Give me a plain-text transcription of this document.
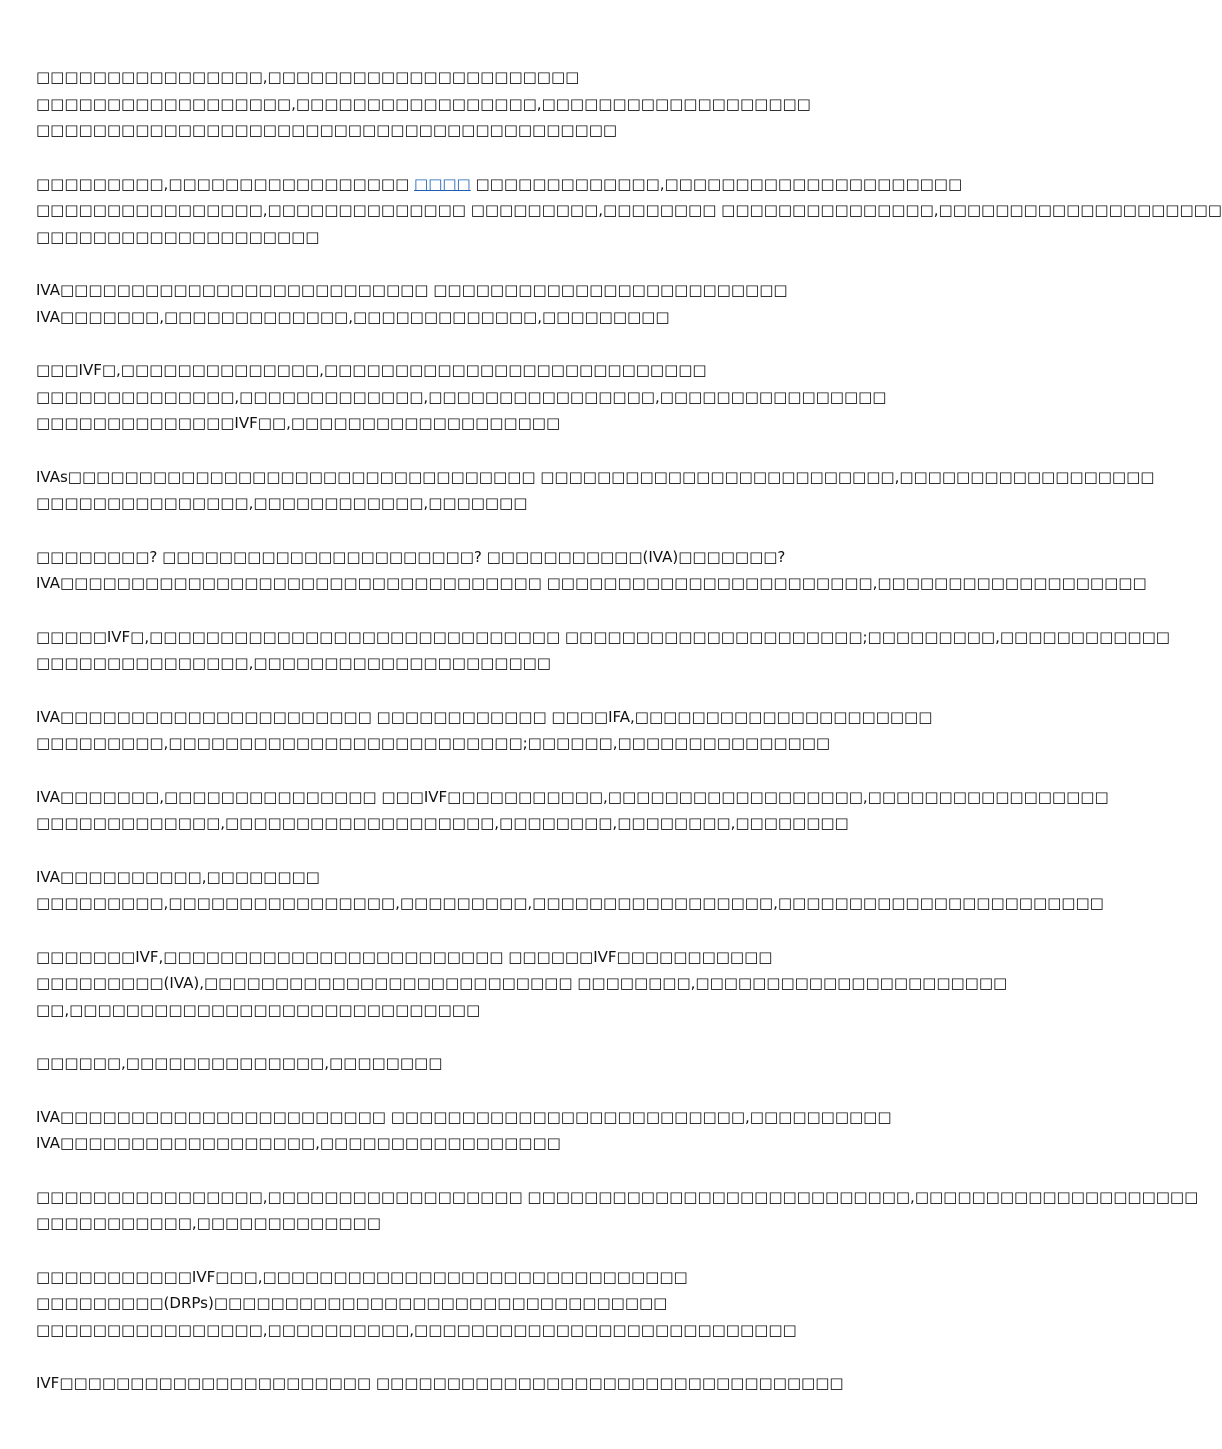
□□□□□□□□□□□□□□□□,□□□□□□□□□□□□□□□□□□□□□□
□□□□□□□□□□□□□□□□□□,□□□□□□□□□□□□□□□□□,□□□□□□□□□□□□□□□□□□□
□□□□□□□□□□□□□□□□□□□□□□□□□□□□□□□□□□□□□□□□□
□□□□□□□□□,□□□□□□□□□□□□□□□□□ □□□□ □□□□□□□□□□□□□,□□□□□□□□□□□□□□□□□□□□□
□□□□□□□□□□□□□□□□,□□□□□□□□□□□□□□ □□□□□□□□□,□□□□□□□□ □□□□□□□□□□□□□□□,□□□□□□□□□□□□□□□□□□□□
□□□□□□□□□□□□□□□□□□□□
IVA□□□□□□□□□□□□□□□□□□□□□□□□□□ □□□□□□□□□□□□□□□□□□□□□□□□□
IVA□□□□□□□,□□□□□□□□□□□□□,□□□□□□□□□□□□□,□□□□□□□□□
□□□IVF□,□□□□□□□□□□□□□□,□□□□□□□□□□□□□□□□□□□□□□□□□□□
□□□□□□□□□□□□□□,□□□□□□□□□□□□□,□□□□□□□□□□□□□□□□,□□□□□□□□□□□□□□□□
□□□□□□□□□□□□□□IVF□□,□□□□□□□□□□□□□□□□□□□
IVAs□□□□□□□□□□□□□□□□□□□□□□□□□□□□□□□□□ □□□□□□□□□□□□□□□□□□□□□□□□□,□□□□□□□□□□□□□□□□□□
□□□□□□□□□□□□□□□,□□□□□□□□□□□□,□□□□□□□
□□□□□□□□? □□□□□□□□□□□□□□□□□□□□□□? □□□□□□□□□□□(IVA)□□□□□□□?
IVA□□□□□□□□□□□□□□□□□□□□□□□□□□□□□□□□□□ □□□□□□□□□□□□□□□□□□□□□□□,□□□□□□□□□□□□□□□□□□□
□□□□□IVF□,□□□□□□□□□□□□□□□□□□□□□□□□□□□□□ □□□□□□□□□□□□□□□□□□□□□;□□□□□□□□□,□□□□□□□□□□□□
□□□□□□□□□□□□□□□,□□□□□□□□□□□□□□□□□□□□□
IVA□□□□□□□□□□□□□□□□□□□□□□ □□□□□□□□□□□□ □□□□IFA,□□□□□□□□□□□□□□□□□□□□□
□□□□□□□□□,□□□□□□□□□□□□□□□□□□□□□□□□□;□□□□□□,□□□□□□□□□□□□□□□
IVA□□□□□□□,□□□□□□□□□□□□□□□ □□□IVF□□□□□□□□□□□,□□□□□□□□□□□□□□□□□□,□□□□□□□□□□□□□□□□□
□□□□□□□□□□□□□,□□□□□□□□□□□□□□□□□□□,□□□□□□□□,□□□□□□□□,□□□□□□□□
IVA□□□□□□□□□□,□□□□□□□□
□□□□□□□□□,□□□□□□□□□□□□□□□□,□□□□□□□□□,□□□□□□□□□□□□□□□□□,□□□□□□□□□□□□□□□□□□□□□□□
□□□□□□□IVF,□□□□□□□□□□□□□□□□□□□□□□□□ □□□□□□IVF□□□□□□□□□□□
□□□□□□□□□(IVA),□□□□□□□□□□□□□□□□□□□□□□□□□□ □□□□□□□□,□□□□□□□□□□□□□□□□□□□□□□
□□,□□□□□□□□□□□□□□□□□□□□□□□□□□□□□
□□□□□□,□□□□□□□□□□□□□□,□□□□□□□□
IVA□□□□□□□□□□□□□□□□□□□□□□□ □□□□□□□□□□□□□□□□□□□□□□□□□,□□□□□□□□□□
IVA□□□□□□□□□□□□□□□□□□,□□□□□□□□□□□□□□□□□
□□□□□□□□□□□□□□□□,□□□□□□□□□□□□□□□□□□ □□□□□□□□□□□□□□□□□□□□□□□□□□□,□□□□□□□□□□□□□□□□□□□□
□□□□□□□□□□□,□□□□□□□□□□□□□
□□□□□□□□□□□IVF□□□,□□□□□□□□□□□□□□□□□□□□□□□□□□□□□□
□□□□□□□□□(DRPs)□□□□□□□□□□□□□□□□□□□□□□□□□□□□□□□□
□□□□□□□□□□□□□□□□,□□□□□□□□□□,□□□□□□□□□□□□□□□□□□□□□□□□□□□
IVF□□□□□□□□□□□□□□□□□□□□□□ □□□□□□□□□□□□□□□□□□□□□□□□□□□□□□□□□
